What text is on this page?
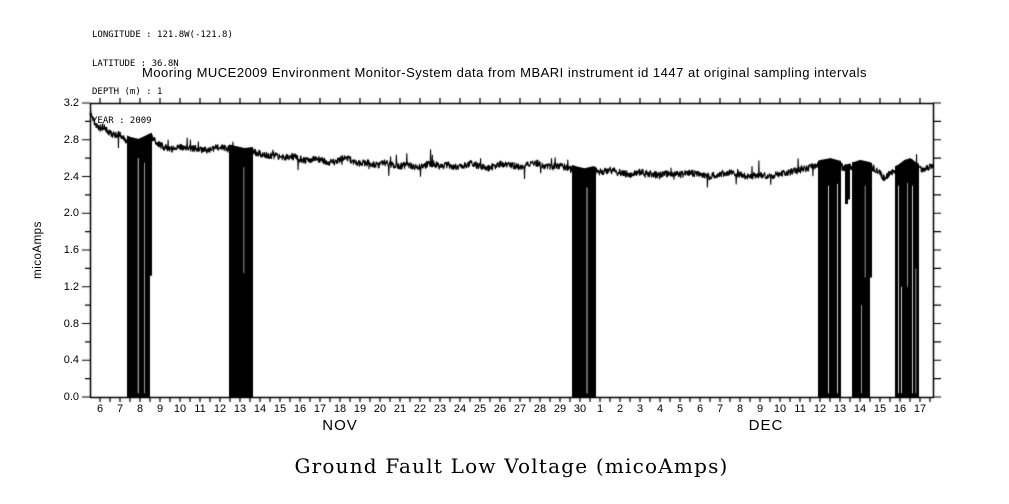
LONGITUDE : 121.8W(-121.8)

LATITUDE : 36.8N

DEPTH (m) : 1

YEAR : 2009

Mooring MUCE2009 Environment Monitor-System data from MBARI instrument id 1447 at original sampling intervals
micoAmps
0.0
0.4
0.8
1.2
1.6
2.0
2.4
2.8
3.2
6 7 8 9 10 11 12 13 14 15 16 17 18 19 20 21 22 23 24 25 26 27 28 29 30 1 2 3 4 5 6 7 8 9 10 11 12 13 14 15 16 17
NOV	DEC
Ground Fault Low Voltage (micoAmps)
